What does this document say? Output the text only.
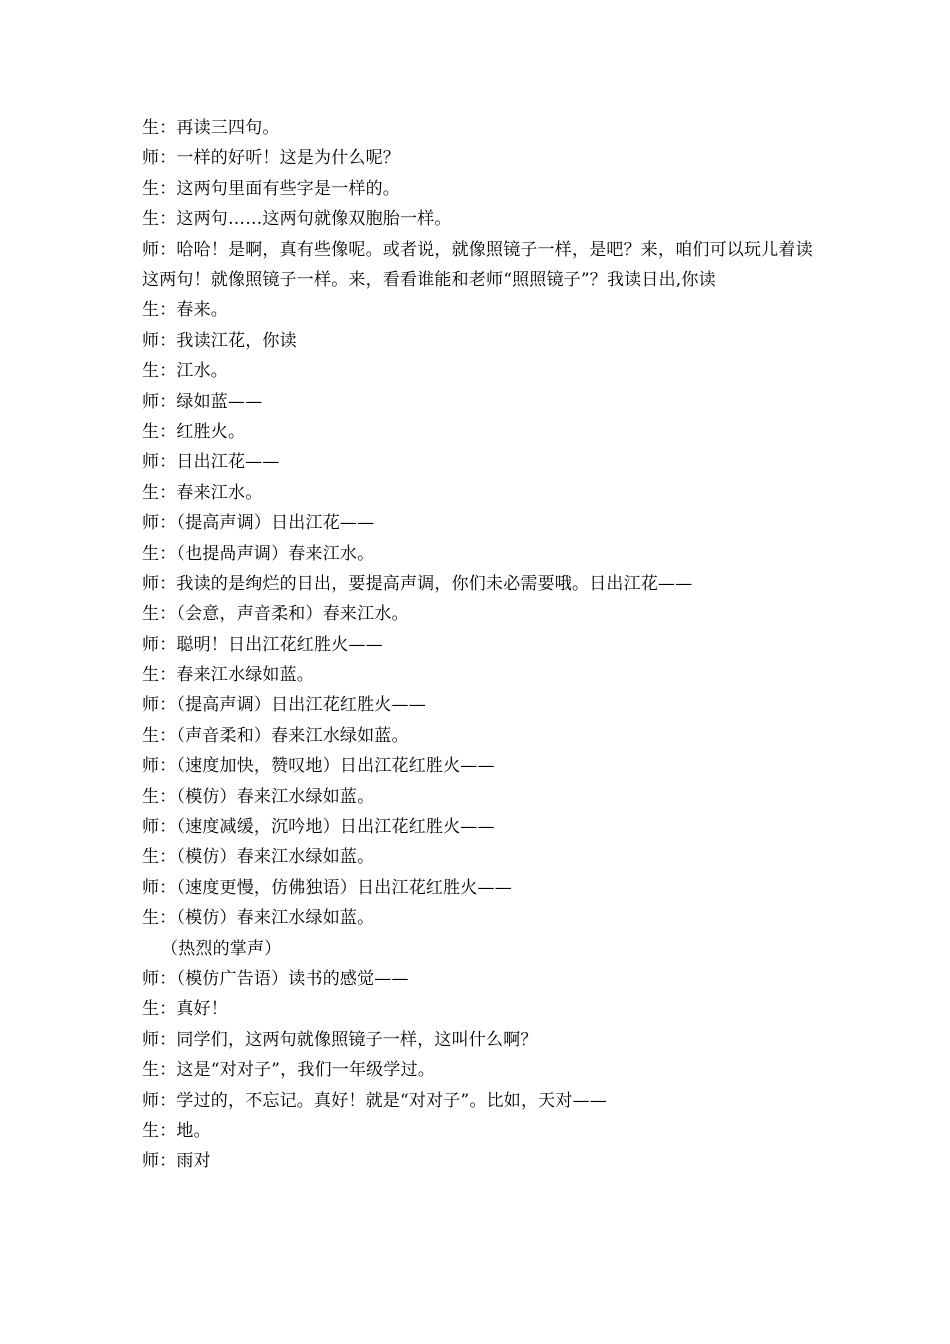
生：再读三四句。
师：一样的好听！这是为什么呢？
生：这两句里面有些字是一样的。
生：这两句……这两句就像双胞胎一样。
师：哈哈！是啊，真有些像呢。或者说，就像照镜子一样，是吧？来，咱们可以玩儿着读这两句！就像照镜子一样。来，看看谁能和老师“照照镜子”？我读日出,你读
生：春来。
师：我读江花，你读
生：江水。
师：绿如蓝——
生：红胜火。
师：日出江花——
生：春来江水。
师：（提高声调）日出江花——
生：（也提咼声调）春来江水。
师：我读的是绚烂的日出，要提高声调，你们未必需要哦。日出江花——
生：（会意，声音柔和）春来江水。
师：聪明！日出江花红胜火——
生：春来江水绿如蓝。
师：（提高声调）日出江花红胜火——
生：（声音柔和）春来江水绿如蓝。
师：（速度加快，赞叹地）日出江花红胜火——
生：（模仿）春来江水绿如蓝。
师：（速度减缓，沉吟地）日出江花红胜火——
生：（模仿）春来江水绿如蓝。
师：（速度更慢，仿佛独语）日出江花红胜火——
生：（模仿）春来江水绿如蓝。
（热烈的掌声）
师：（模仿广告语）读书的感觉——
生：真好！
师：同学们，这两句就像照镜子一样，这叫什么啊？
生：这是“对对子”，我们一年级学过。
师：学过的，不忘记。真好！就是“对对子”。比如，天对——
生：地。
师：雨对
